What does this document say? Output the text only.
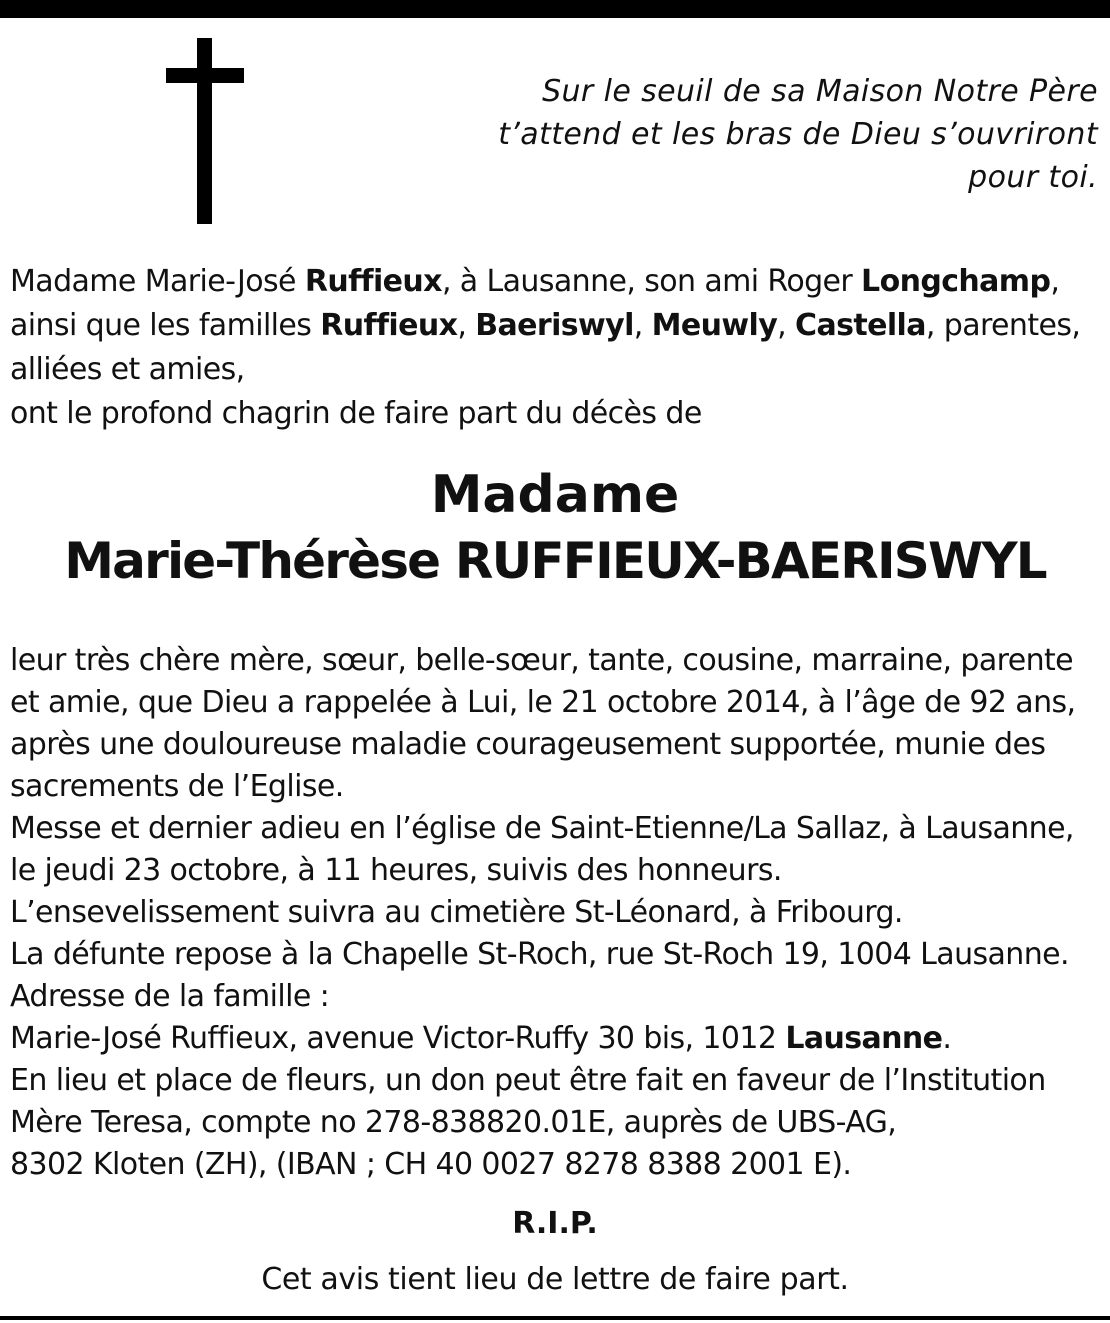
Sur le seuil de sa Maison Notre Père
t’attend et les bras de Dieu s’ouvriront
pour toi.
Madame Marie-José Ruffieux, à Lausanne, son ami Roger Longchamp,
ainsi que les familles Ruffieux, Baeriswyl, Meuwly, Castella, parentes,
alliées et amies,
ont le profond chagrin de faire part du décès de
Madame
Marie-Thérèse RUFFIEUX-BAERISWYL
leur très chère mère, sœur, belle-sœur, tante, cousine, marraine, parente
et amie, que Dieu a rappelée à Lui, le 21 octobre 2014, à l’âge de 92 ans,
après une douloureuse maladie courageusement supportée, munie des
sacrements de l’Eglise.
Messe et dernier adieu en l’église de Saint-Etienne/La Sallaz, à Lausanne,
le jeudi 23 octobre, à 11 heures, suivis des honneurs.
L’ensevelissement suivra au cimetière St-Léonard, à Fribourg.
La défunte repose à la Chapelle St-Roch, rue St-Roch 19, 1004 Lausanne.
Adresse de la famille :
Marie-José Ruffieux, avenue Victor-Ruffy 30 bis, 1012 Lausanne.
En lieu et place de fleurs, un don peut être fait en faveur de l’Institution
Mère Teresa, compte no 278-838820.01E, auprès de UBS-AG,
8302 Kloten (ZH), (IBAN ; CH 40 0027 8278 8388 2001 E).
R.I.P.
Cet avis tient lieu de lettre de faire part.
